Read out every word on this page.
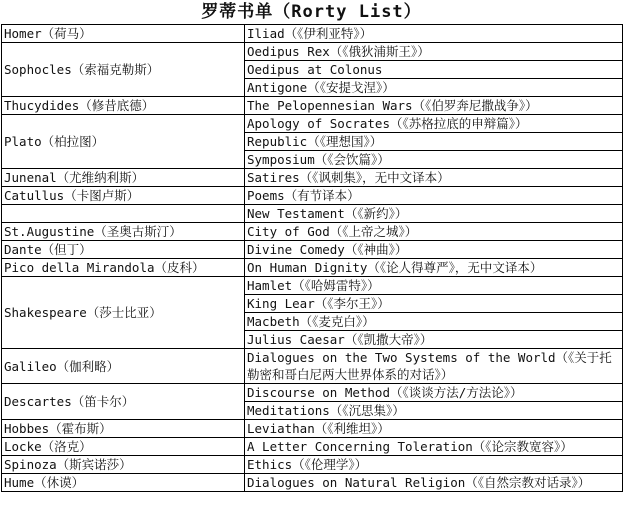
罗蒂书单（Rorty List）
Homer（荷马）	Iliad（《伊利亚特》）
Sophocles（索福克勒斯）	Oedipus Rex（《俄狄浦斯王》）
	Oedipus at Colonus
	Antigone（《安提戈涅》）
Thucydides（修昔底德）	The Pelopennesian Wars（《伯罗奔尼撒战争》）
Plato（柏拉图）	Apology of Socrates（《苏格拉底的申辩篇》）
	Republic（《理想国》）
	Symposium（《会饮篇》）
Junenal（尤维纳利斯）	Satires（《讽刺集》，无中文译本）
Catullus（卡图卢斯）	Poems（有节译本）
	New Testament（《新约》）
St.Augustine（圣奥古斯汀）	City of God（《上帝之城》）
Dante（但丁）	Divine Comedy（《神曲》）
Pico della Mirandola（皮科）	On Human Dignity（《论人得尊严》，无中文译本）
Shakespeare（莎士比亚）	Hamlet（《哈姆雷特》）
	King Lear（《李尔王》）
	Macbeth（《麦克白》）
	Julius Caesar（《凯撒大帝》）
Galileo（伽利略）	Dialogues on the Two Systems of the World（《关于托勒密和哥白尼两大世界体系的对话》）
Descartes（笛卡尔）	Discourse on Method（《谈谈方法/方法论》）
	Meditations（《沉思集》）
Hobbes（霍布斯）	Leviathan（《利维坦》）
Locke（洛克）	A Letter Concerning Toleration（《论宗教宽容》）
Spinoza（斯宾诺莎）	Ethics（《伦理学》）
Hume（休谟）	Dialogues on Natural Religion（《自然宗教对话录》）
